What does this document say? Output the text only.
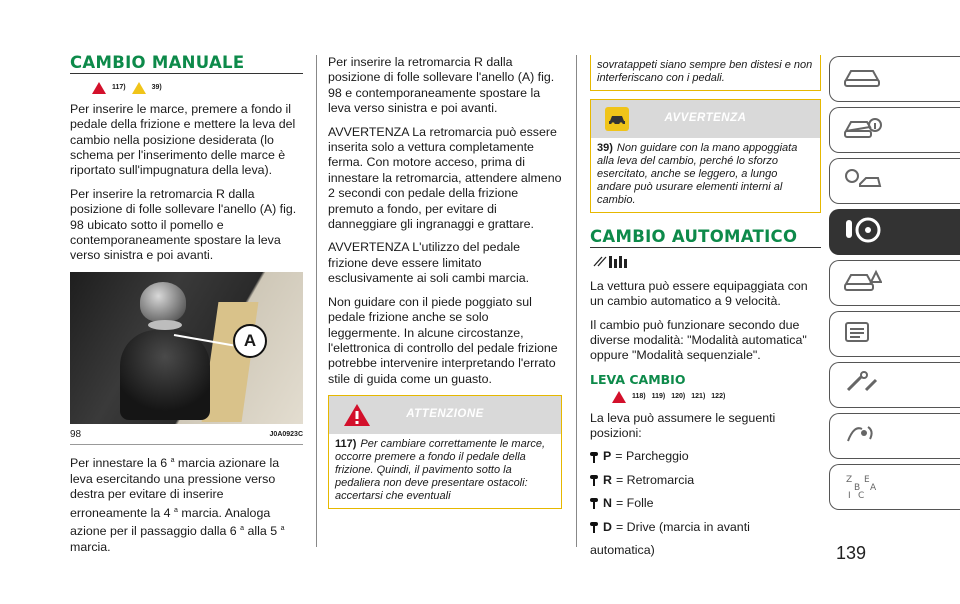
CAMBIO MANUALE
117)	39)

Per inserire le marce, premere a fondo il pedale della frizione e mettere la leva del cambio nella posizione desiderata (lo schema per l'inserimento delle marce è riportato sull'impugnatura della leva).

Per inserire la retromarcia R dalla posizione di folle sollevare l'anello (A) fig. 98 ubicato sotto il pomello e contemporaneamente spostare la leva verso sinistra e poi avanti.

A
98	J0A0923C

Per innestare la 6 $^a$ marcia azionare la leva esercitando una pressione verso destra per evitare di inserire erroneamente la 4 $^a$ marcia. Analoga azione per il passaggio dalla 6 $^a$ alla 5 $^a$ marcia.

Per inserire la retromarcia R dalla posizione di folle sollevare l'anello (A) fig. 98 e contemporaneamente spostare la leva verso sinistra e poi avanti.

AVVERTENZA La retromarcia può essere inserita solo a vettura completamente ferma. Con motore acceso, prima di innestare la retromarcia, attendere almeno 2 secondi con pedale della frizione premuto a fondo, per evitare di danneggiare gli ingranaggi e grattare.

AVVERTENZA L'utilizzo del pedale frizione deve essere limitato esclusivamente ai soli cambi marcia.

Non guidare con il piede poggiato sul pedale frizione anche se solo leggermente. In alcune circostanze, l'elettronica di controllo del pedale frizione potrebbe intervenire interpretando l'errato stile di guida come un guasto.

ATTENZIONE
117) Per cambiare correttamente le marce, occorre premere a fondo il pedale della frizione. Quindi, il pavimento sotto la pedaliera non deve presentare ostacoli: accertarsi che eventuali
sovratappeti siano sempre ben distesi e non interferiscano con i pedali.
AVVERTENZA
39) Non guidare con la mano appoggiata alla leva del cambio, perché lo sforzo esercitato, anche se leggero, a lungo andare può usurare elementi interni al cambio.
CAMBIO AUTOMATICO

La vettura può essere equipaggiata con un cambio automatico a 9 velocità.

Il cambio può funzionare secondo due diverse modalità: "Modalità automatica" oppure "Modalità sequenziale".

LEVA CAMBIO
118) 119) 120) 121) 122)

La leva può assumere le seguenti posizioni:

P = Parcheggio

R = Retromarcia

N = Folle

D = Drive (marcia in avanti

automatica)

Z E
B A
I C
139
